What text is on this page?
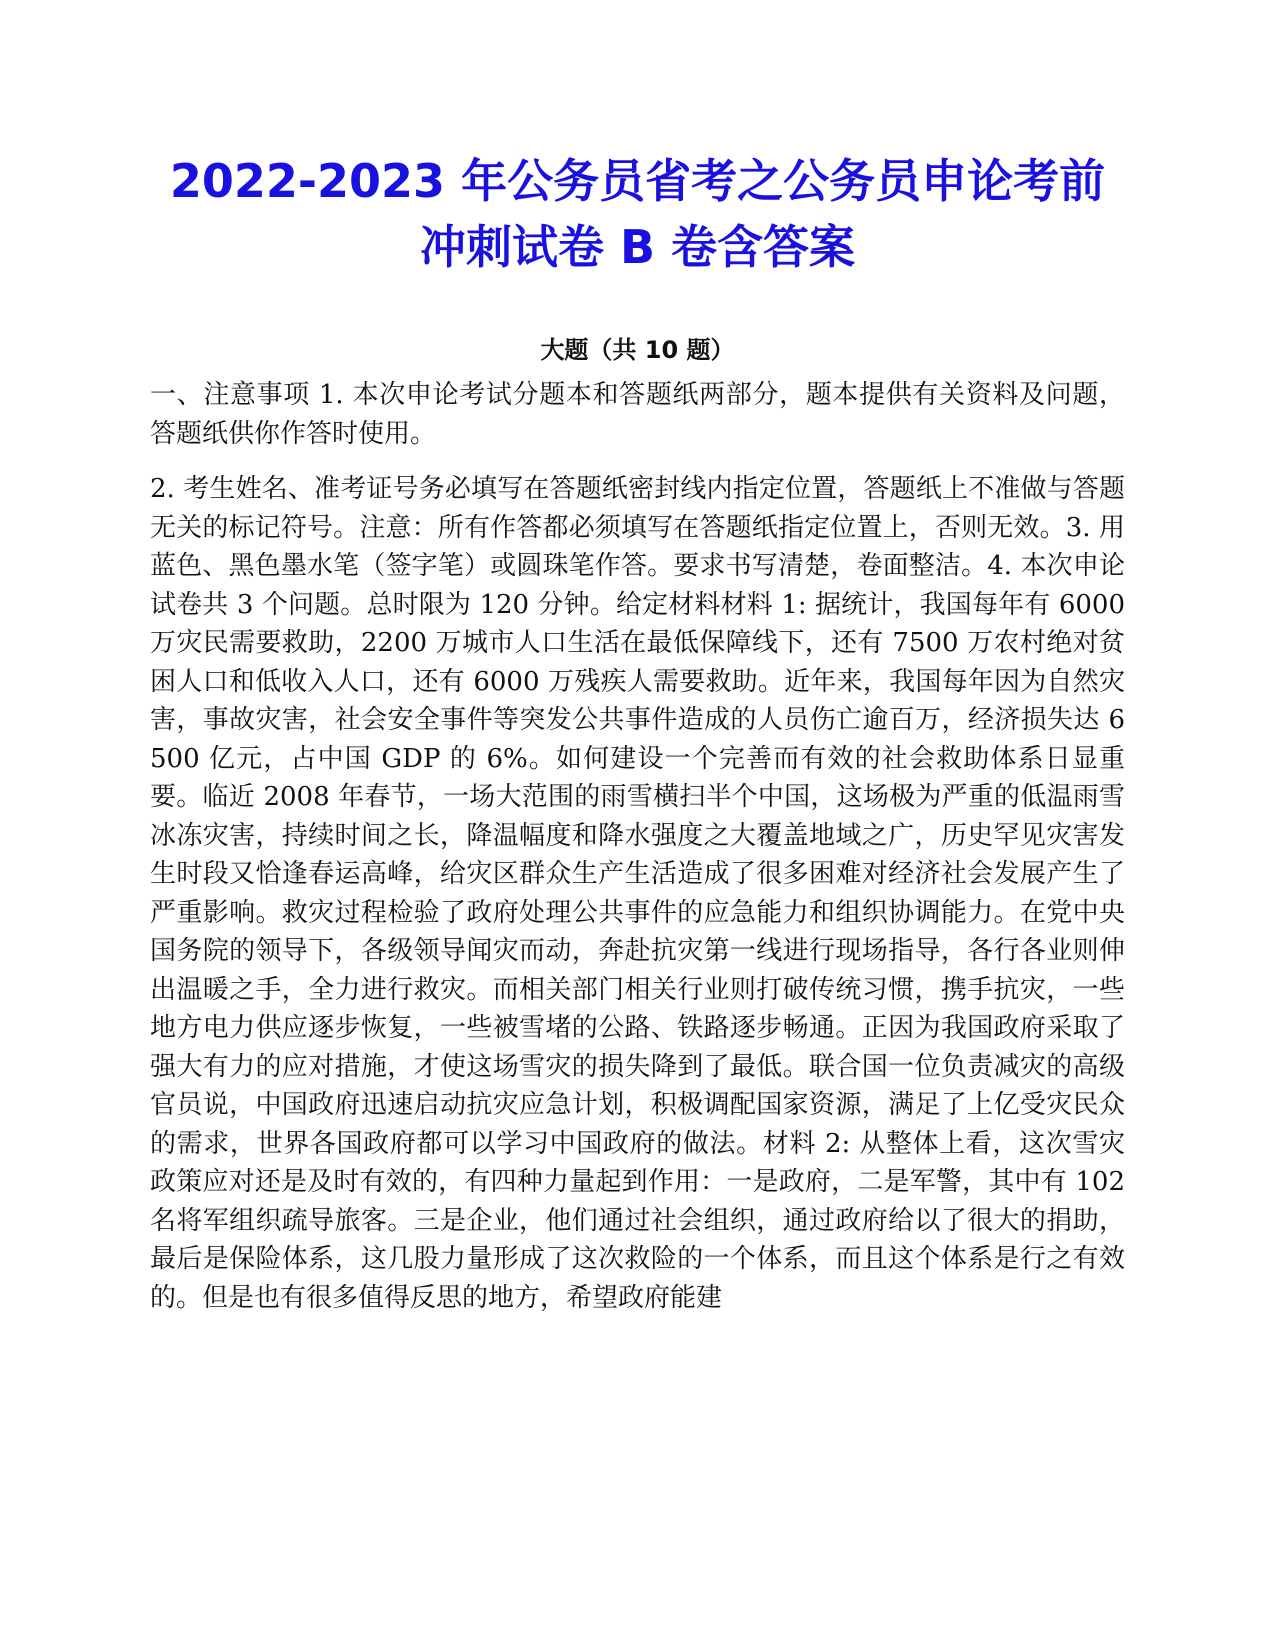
2022-2023 年公务员省考之公务员申论考前
冲刺试卷 B 卷含答案
大题（共 10 题）

一、注意事项 1. 本次申论考试分题本和答题纸两部分，题本提供有关资料及问题，答题纸供你作答时使用。

2. 考生姓名、准考证号务必填写在答题纸密封线内指定位置，答题纸上不准做与答题无关的标记符号。注意：所有作答都必须填写在答题纸指定位置上，否则无效。3. 用蓝色、黑色墨水笔（签字笔）或圆珠笔作答。要求书写清楚，卷面整洁。4. 本次申论试卷共 3 个问题。总时限为 120 分钟。给定材料材料 1: 据统计，我国每年有 6000 万灾民需要救助，2200 万城市人口生活在最低保障线下，还有 7500 万农村绝对贫困人口和低收入人口，还有 6000 万残疾人需要救助。近年来，我国每年因为自然灾害，事故灾害，社会安全事件等突发公共事件造成的人员伤亡逾百万，经济损失达 6500 亿元，占中国 GDP 的 6%。如何建设一个完善而有效的社会救助体系日显重要。临近 2008 年春节，一场大范围的雨雪横扫半个中国，这场极为严重的低温雨雪冰冻灾害，持续时间之长，降温幅度和降水强度之大覆盖地域之广，历史罕见灾害发生时段又恰逢春运高峰，给灾区群众生产生活造成了很多困难对经济社会发展产生了严重影响。救灾过程检验了政府处理公共事件的应急能力和组织协调能力。在党中央国务院的领导下，各级领导闻灾而动，奔赴抗灾第一线进行现场指导，各行各业则伸出温暖之手，全力进行救灾。而相关部门相关行业则打破传统习惯，携手抗灾，一些地方电力供应逐步恢复，一些被雪堵的公路、铁路逐步畅通。正因为我国政府采取了强大有力的应对措施，才使这场雪灾的损失降到了最低。联合国一位负责减灾的高级官员说，中国政府迅速启动抗灾应急计划，积极调配国家资源，满足了上亿受灾民众的需求，世界各国政府都可以学习中国政府的做法。材料 2: 从整体上看，这次雪灾政策应对还是及时有效的，有四种力量起到作用：一是政府，二是军警，其中有 102 名将军组织疏导旅客。三是企业，他们通过社会组织，通过政府给以了很大的捐助，最后是保险体系，这几股力量形成了这次救险的一个体系，而且这个体系是行之有效的。但是也有很多值得反思的地方，希望政府能建
